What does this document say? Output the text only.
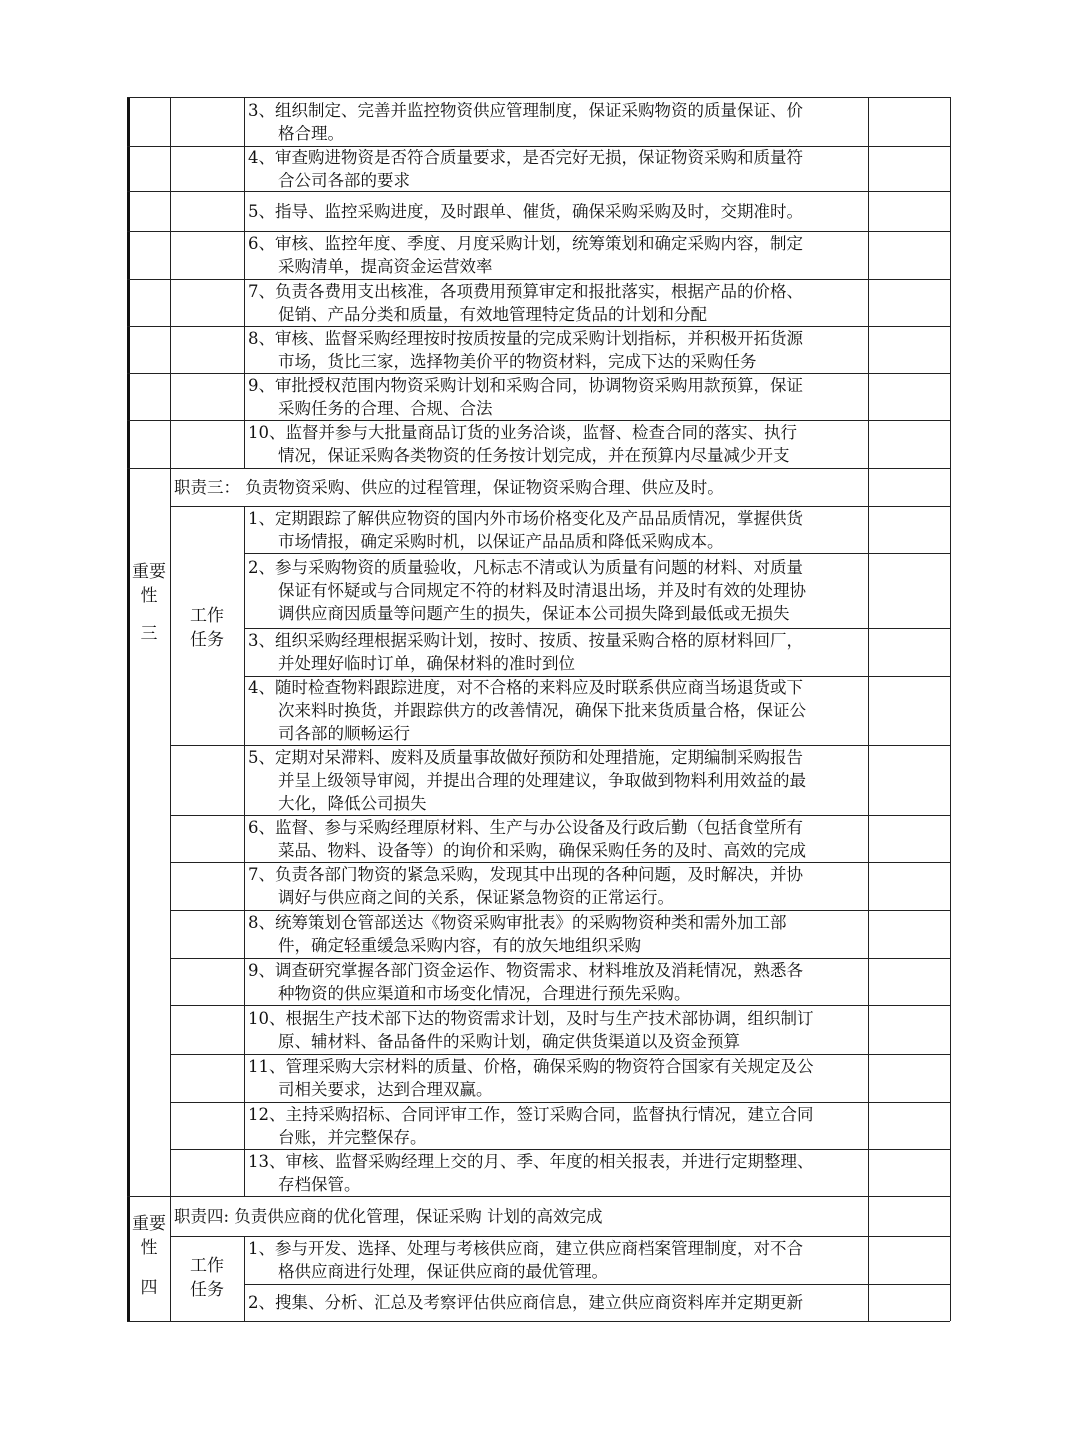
重要
性
三
工作
任务
重要
性
四
工作
任务
3、组织制定、完善并监控物资供应管理制度，保证采购物资的质量保证、价
格合理。
4、审查购进物资是否符合质量要求，是否完好无损，保证物资采购和质量符
合公司各部的要求
5、指导、监控采购进度，及时跟单、催货，确保采购采购及时，交期准时。
6、审核、监控年度、季度、月度采购计划，统筹策划和确定采购内容，制定
采购清单，提高资金运营效率
7、负责各费用支出核准，各项费用预算审定和报批落实，根据产品的价格、
促销、产品分类和质量，有效地管理特定货品的计划和分配
8、审核、监督采购经理按时按质按量的完成采购计划指标，并积极开拓货源
市场，货比三家，选择物美价平的物资材料，完成下达的采购任务
9、审批授权范围内物资采购计划和采购合同，协调物资采购用款预算，保证
采购任务的合理、合规、合法
10、监督并参与大批量商品订货的业务洽谈，监督、检查合同的落实、执行
情况，保证采购各类物资的任务按计划完成，并在预算内尽量减少开支
职责三： 负责物资采购、供应的过程管理，保证物资采购合理、供应及时。
1、定期跟踪了解供应物资的国内外市场价格变化及产品品质情况，掌握供货
市场情报，确定采购时机，以保证产品品质和降低采购成本。
2、参与采购物资的质量验收，凡标志不清或认为质量有问题的材料、对质量
保证有怀疑或与合同规定不符的材料及时清退出场，并及时有效的处理协
调供应商因质量等问题产生的损失，保证本公司损失降到最低或无损失
3、组织采购经理根据采购计划，按时、按质、按量采购合格的原材料回厂，
并处理好临时订单，确保材料的准时到位
4、随时检查物料跟踪进度，对不合格的来料应及时联系供应商当场退货或下
次来料时换货，并跟踪供方的改善情况，确保下批来货质量合格，保证公
司各部的顺畅运行
5、定期对呆滞料、废料及质量事故做好预防和处理措施，定期编制采购报告
并呈上级领导审阅，并提出合理的处理建议，争取做到物料利用效益的最
大化，降低公司损失
6、监督、参与采购经理原材料、生产与办公设备及行政后勤（包括食堂所有
菜品、物料、设备等）的询价和采购，确保采购任务的及时、高效的完成
7、负责各部门物资的紧急采购，发现其中出现的各种问题，及时解决，并协
调好与供应商之间的关系，保证紧急物资的正常运行。
8、统筹策划仓管部送达《物资采购审批表》的采购物资种类和需外加工部
件，确定轻重缓急采购内容，有的放矢地组织采购
9、调查研究掌握各部门资金运作、物资需求、材料堆放及消耗情况，熟悉各
种物资的供应渠道和市场变化情况，合理进行预先采购。
10、根据生产技术部下达的物资需求计划，及时与生产技术部协调，组织制订
原、辅材料、备品备件的采购计划，确定供货渠道以及资金预算
11、管理采购大宗材料的质量、价格，确保采购的物资符合国家有关规定及公
司相关要求，达到合理双赢。
12、主持采购招标、合同评审工作，签订采购合同，监督执行情况，建立合同
台账，并完整保存。
13、审核、监督采购经理上交的月、季、年度的相关报表，并进行定期整理、
存档保管。
职责四: 负责供应商的优化管理，保证采购 计划的高效完成
1、参与开发、选择、处理与考核供应商，建立供应商档案管理制度，对不合
格供应商进行处理，保证供应商的最优管理。
2、搜集、分析、汇总及考察评估供应商信息，建立供应商资料库并定期更新
